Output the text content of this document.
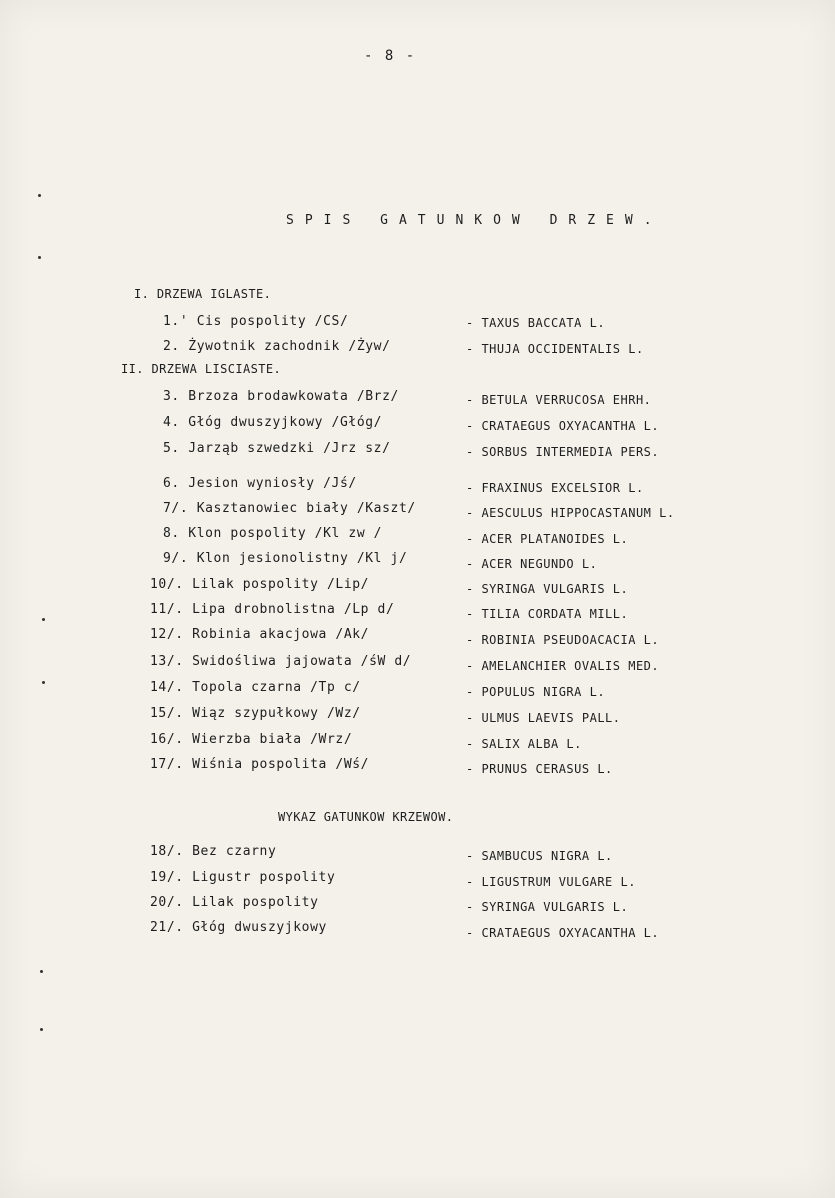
- 8 -
SPIS GATUNKOW DRZEW.
I. DRZEWA IGLASTE.
1.' Cis pospolity /CS/	- TAXUS BACCATA L.
2. Żywotnik zachodnik /Żyw/	- THUJA OCCIDENTALIS L.
II. DRZEWA LISCIASTE.
3. Brzoza brodawkowata /Brz/	- BETULA VERRUCOSA EHRH.
4. Głóg dwuszyjkowy /Głóg/	- CRATAEGUS OXYACANTHA L.
5. Jarząb szwedzki /Jrz sz/	- SORBUS INTERMEDIA PERS.
6. Jesion wyniosły /Jś/	- FRAXINUS EXCELSIOR L.
7/. Kasztanowiec biały /Kaszt/	- AESCULUS HIPPOCASTANUM L.
8. Klon pospolity /Kl zw /	- ACER PLATANOIDES L.
9/. Klon jesionolistny /Kl j/	- ACER NEGUNDO L.
10/. Lilak pospolity /Lip/	- SYRINGA VULGARIS L.
11/. Lipa drobnolistna /Lp d/	- TILIA CORDATA MILL.
12/. Robinia akacjowa /Ak/	- ROBINIA PSEUDOACACIA L.
13/. Swidośliwa jajowata /śW d/	- AMELANCHIER OVALIS MED.
14/. Topola czarna /Tp c/	- POPULUS NIGRA L.
15/. Wiąz szypułkowy /Wz/	- ULMUS LAEVIS PALL.
16/. Wierzba biała /Wrz/	- SALIX ALBA L.
17/. Wiśnia pospolita /Wś/	- PRUNUS CERASUS L.
WYKAZ GATUNKOW KRZEWOW.
18/. Bez czarny	- SAMBUCUS NIGRA L.
19/. Ligustr pospolity	- LIGUSTRUM VULGARE L.
20/. Lilak pospolity	- SYRINGA VULGARIS L.
21/. Głóg dwuszyjkowy	- CRATAEGUS OXYACANTHA L.
